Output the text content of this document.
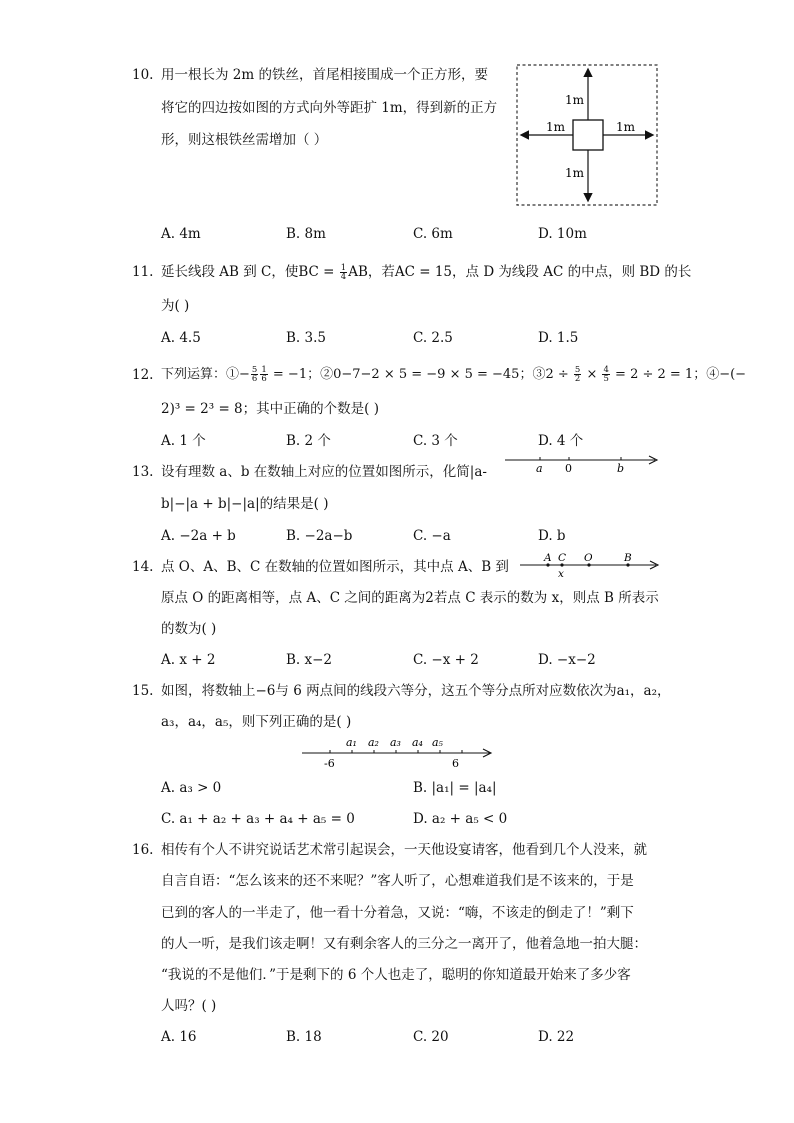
10. 用一根长为 2m 的铁丝，首尾相接围成一个正方形，要
将它的四边按如图的方式向外等距扩 1m，得到新的正方
形，则这根铁丝需增加（ ）
1m
1m
1m	1m
A. 4m	B. 8m	C. 6m	D. 10m
11. 延长线段 AB 到 C，使BC = $\frac{1}{4}$ AB，若AC = 15，点 D 为线段 AC 的中点，则 BD 的长
为( )
A. 4.5	B. 3.5	C. 2.5	D. 1.5
12. 下列运算：①− $\frac{5}{6} \frac{1}{6} = -1$；②0−7−2 × 5 = −9 × 5 = −45；③2 ÷ $\frac{5}{2} \times \frac{4}{5} = 2 \div 2 = 1$；④−(−
2)³ = 2³ = 8；其中正确的个数是( )
A. 1 个	B. 2 个	C. 3 个	D. 4 个
13. 设有理数 a、b 在数轴上对应的位置如图所示，化简|a-
b|−|a + b|−|a|的结果是( )
a 0	b
A. −2a + b	B. −2a−b	C. −a	D. b
14. 点 O、A、B、C 在数轴的位置如图所示，其中点 A、B 到
原点 O 的距离相等，点 A、C 之间的距离为2若点 C 表示的数为 x，则点 B 所表示
的数为( )
A C O	B
x
A. x + 2	B. x−2	C. −x + 2	D. −x−2
15. 如图，将数轴上−6与 6 两点间的线段六等分，这五个等分点所对应数依次为a₁，a₂，
a₃，a₄，a₅，则下列正确的是( )
a₁ a₂ a₃ a₄ a₅
-6	6
A. a₃ > 0	B. |a₁| = |a₄|
C. a₁ + a₂ + a₃ + a₄ + a₅ = 0	D. a₂ + a₅ < 0
16. 相传有个人不讲究说话艺术常引起误会，一天他设宴请客，他看到几个人没来，就
自言自语：“怎么该来的还不来呢？”客人听了，心想难道我们是不该来的，于是
已到的客人的一半走了，他一看十分着急，又说：“嗨，不该走的倒走了！”剩下
的人一听，是我们该走啊！又有剩余客人的三分之一离开了，他着急地一拍大腿：
“我说的不是他们．”于是剩下的 6 个人也走了，聪明的你知道最开始来了多少客
人吗？( )
A. 16	B. 18	C. 20	D. 22
